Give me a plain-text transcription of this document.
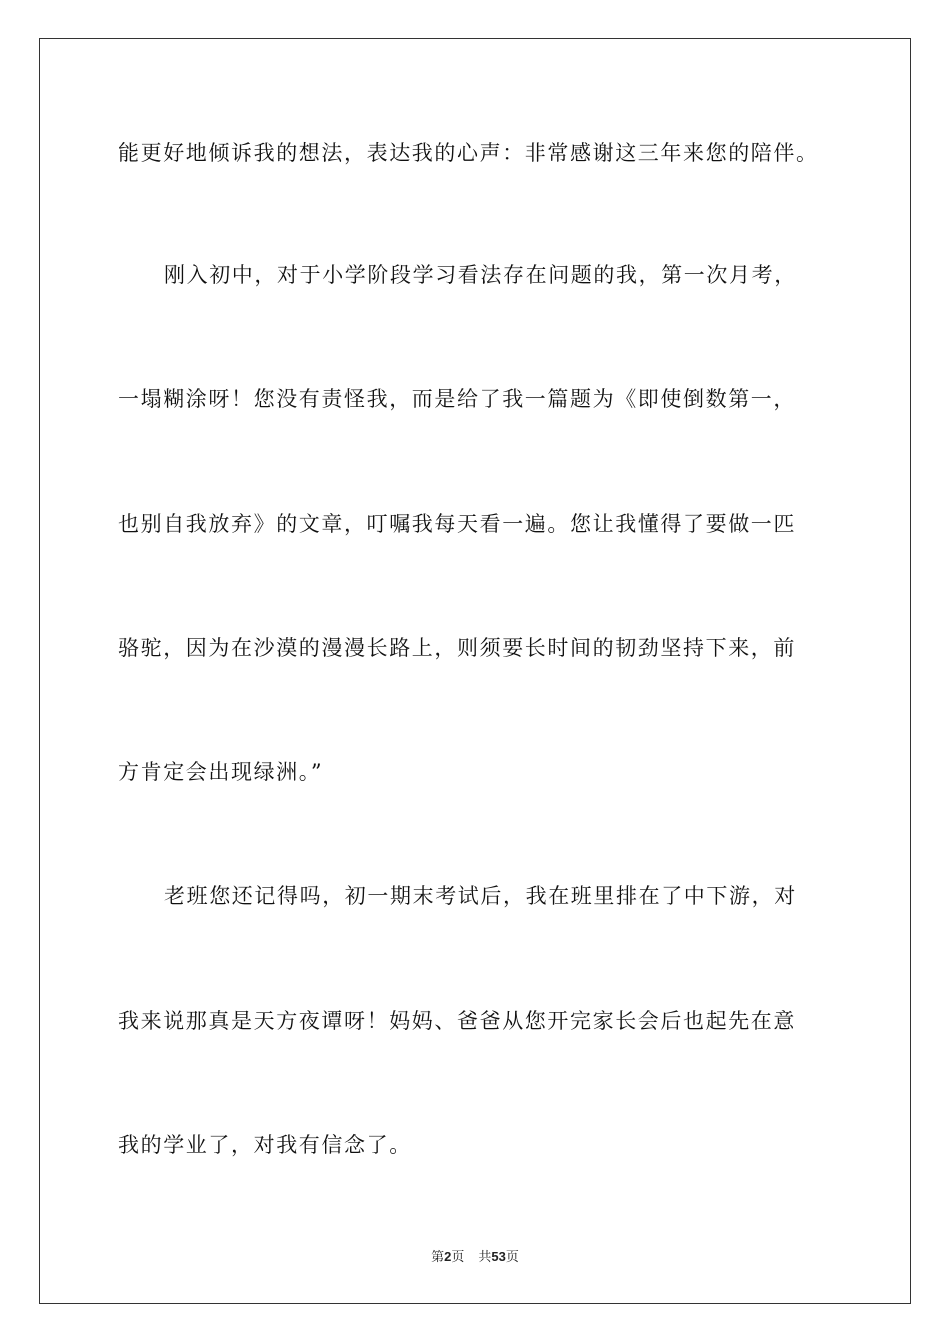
能更好地倾诉我的想法，表达我的心声：非常感谢这三年来您的陪伴。
刚入初中，对于小学阶段学习看法存在问题的我，第一次月考，
一塌糊涂呀！您没有责怪我，而是给了我一篇题为《即使倒数第一，
也别自我放弃》的文章，叮嘱我每天看一遍。您让我懂得了要做一匹
骆驼，因为在沙漠的漫漫长路上，则须要长时间的韧劲坚持下来，前
方肯定会出现绿洲。”
老班您还记得吗，初一期末考试后，我在班里排在了中下游，对
我来说那真是天方夜谭呀！妈妈、爸爸从您开完家长会后也起先在意
我的学业了，对我有信念了。
第2页 共53页
